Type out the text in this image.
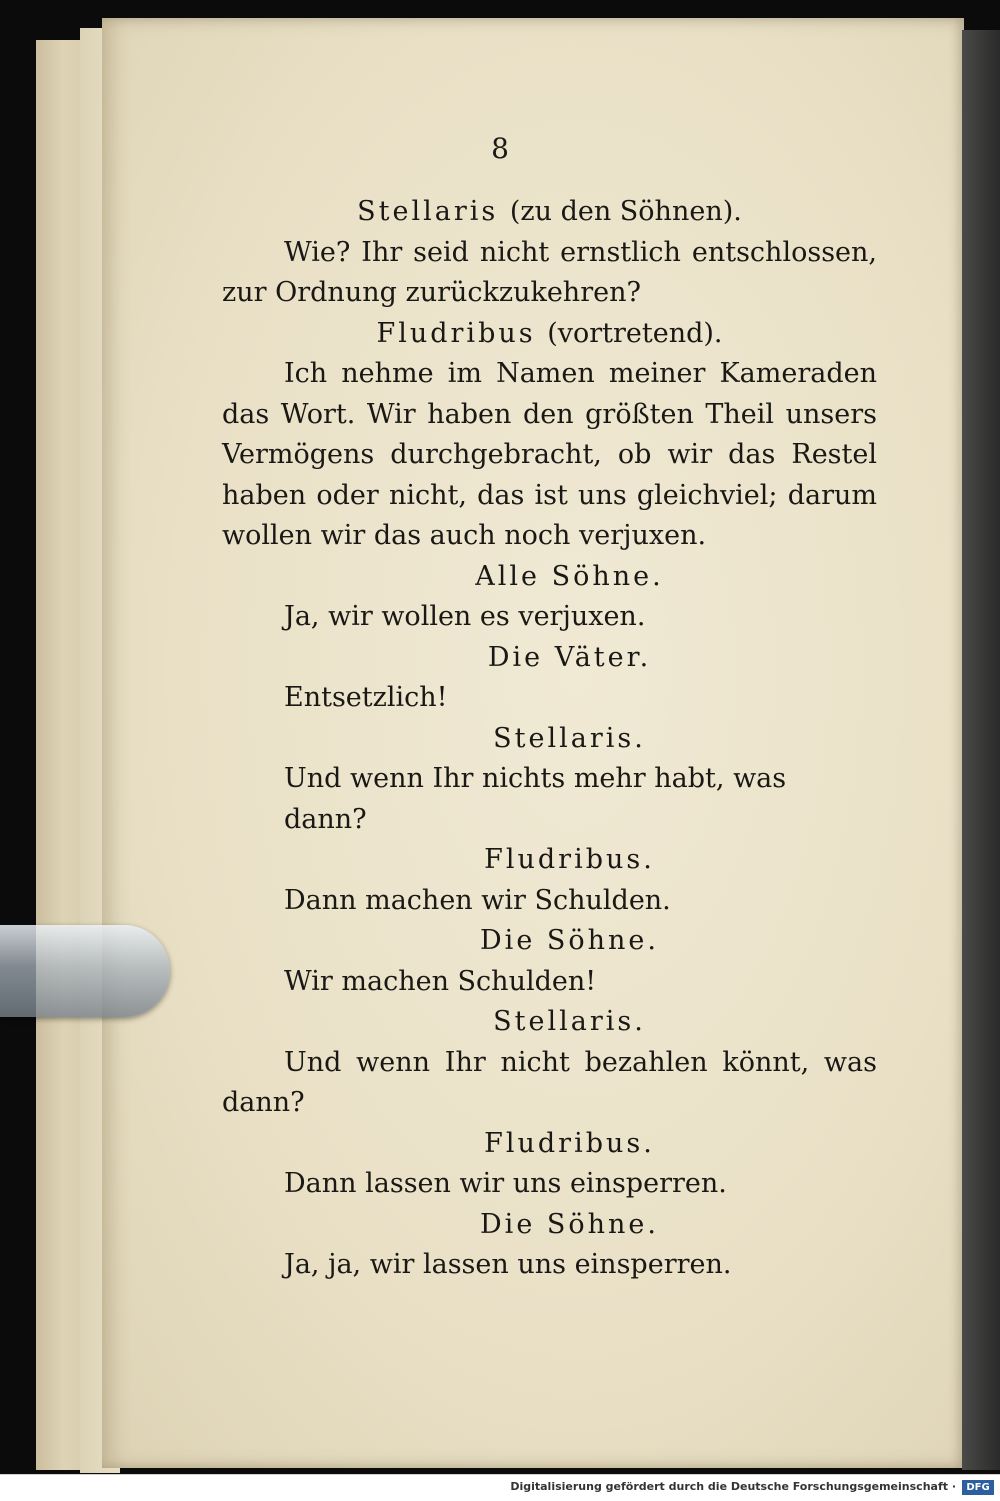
8
Stellaris (zu den Söhnen).
Wie? Ihr seid nicht ernstlich entschlossen, zur Ordnung zurückzukehren?
Fludribus (vortretend).
Ich nehme im Namen meiner Kameraden das Wort. Wir haben den größten Theil unsers Vermögens durchgebracht, ob wir das Restel haben oder nicht, das ist uns gleichviel; darum wollen wir das auch noch verjuxen.
Alle Söhne.
Ja, wir wollen es verjuxen.
Die Väter.
Entsetzlich!
Stellaris.
Und wenn Ihr nichts mehr habt, was dann?
Fludribus.
Dann machen wir Schulden.
Die Söhne.
Wir machen Schulden!
Stellaris.
Und wenn Ihr nicht bezahlen könnt, was dann?
Fludribus.
Dann lassen wir uns einsperren.
Die Söhne.
Ja, ja, wir lassen uns einsperren.
Digitalisierung gefördert durch die Deutsche Forschungsgemeinschaft ·	DFG
